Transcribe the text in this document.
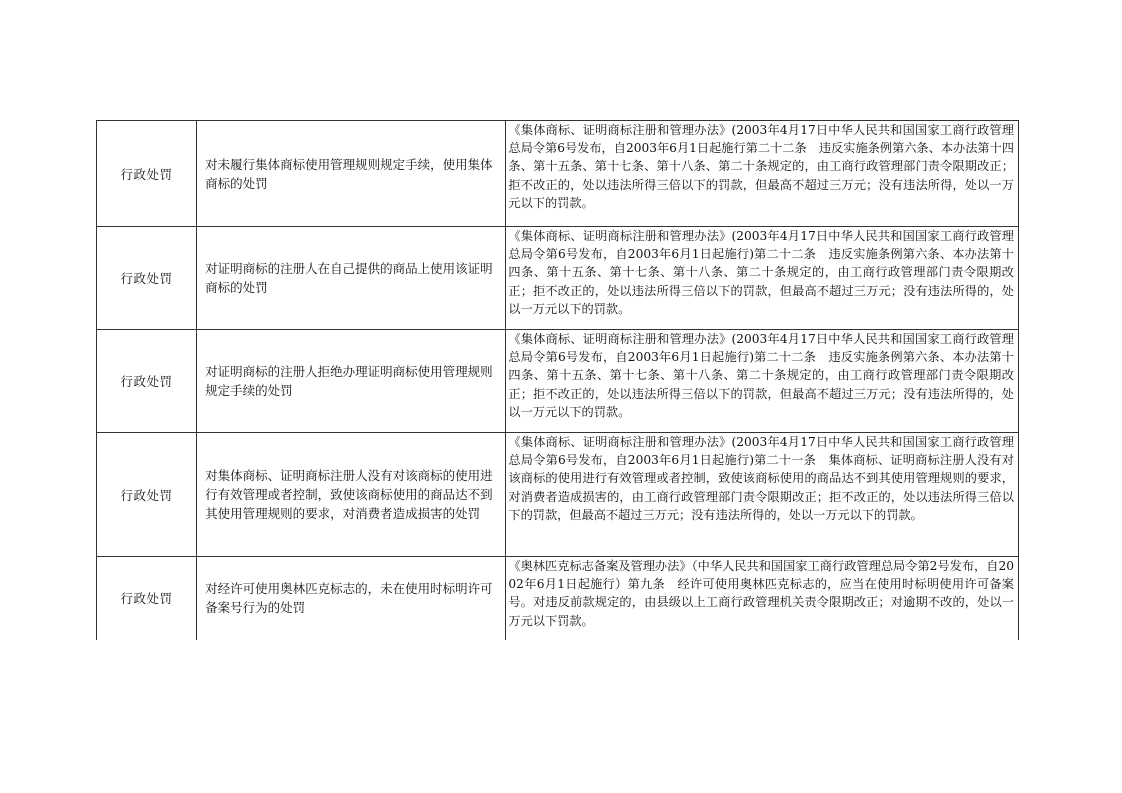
行政处罚	对未履行集体商标使用管理规则规定手续，使用集体商标的处罚	《集体商标、证明商标注册和管理办法》(2003年4月17日中华人民共和国国家工商行政管理总局令第6号发布，自2003年6月1日起施行第二十二条　违反实施条例第六条、本办法第十四条、第十五条、第十七条、第十八条、第二十条规定的，由工商行政管理部门责令限期改正；拒不改正的，处以违法所得三倍以下的罚款，但最高不超过三万元；没有违法所得，处以一万元以下的罚款。
行政处罚	对证明商标的注册人在自己提供的商品上使用该证明商标的处罚	《集体商标、证明商标注册和管理办法》(2003年4月17日中华人民共和国国家工商行政管理总局令第6号发布，自2003年6月1日起施行)第二十二条　违反实施条例第六条、本办法第十四条、第十五条、第十七条、第十八条、第二十条规定的，由工商行政管理部门责令限期改正；拒不改正的，处以违法所得三倍以下的罚款，但最高不超过三万元；没有违法所得的，处以一万元以下的罚款。
行政处罚	对证明商标的注册人拒绝办理证明商标使用管理规则规定手续的处罚	《集体商标、证明商标注册和管理办法》(2003年4月17日中华人民共和国国家工商行政管理总局令第6号发布，自2003年6月1日起施行)第二十二条　违反实施条例第六条、本办法第十四条、第十五条、第十七条、第十八条、第二十条规定的，由工商行政管理部门责令限期改正；拒不改正的，处以违法所得三倍以下的罚款，但最高不超过三万元；没有违法所得的，处以一万元以下的罚款。
行政处罚	对集体商标、证明商标注册人没有对该商标的使用进行有效管理或者控制，致使该商标使用的商品达不到其使用管理规则的要求，对消费者造成损害的处罚	《集体商标、证明商标注册和管理办法》(2003年4月17日中华人民共和国国家工商行政管理总局令第6号发布，自2003年6月1日起施行)第二十一条　集体商标、证明商标注册人没有对该商标的使用进行有效管理或者控制，致使该商标使用的商品达不到其使用管理规则的要求，对消费者造成损害的，由工商行政管理部门责令限期改正；拒不改正的，处以违法所得三倍以下的罚款，但最高不超过三万元；没有违法所得的，处以一万元以下的罚款。
行政处罚	对经许可使用奥林匹克标志的，未在使用时标明许可备案号行为的处罚	《奥林匹克标志备案及管理办法》（中华人民共和国国家工商行政管理总局令第2号发布，自2002年6月1日起施行）第九条　经许可使用奥林匹克标志的，应当在使用时标明使用许可备案号。对违反前款规定的，由县级以上工商行政管理机关责令限期改正；对逾期不改的，处以一万元以下罚款。
